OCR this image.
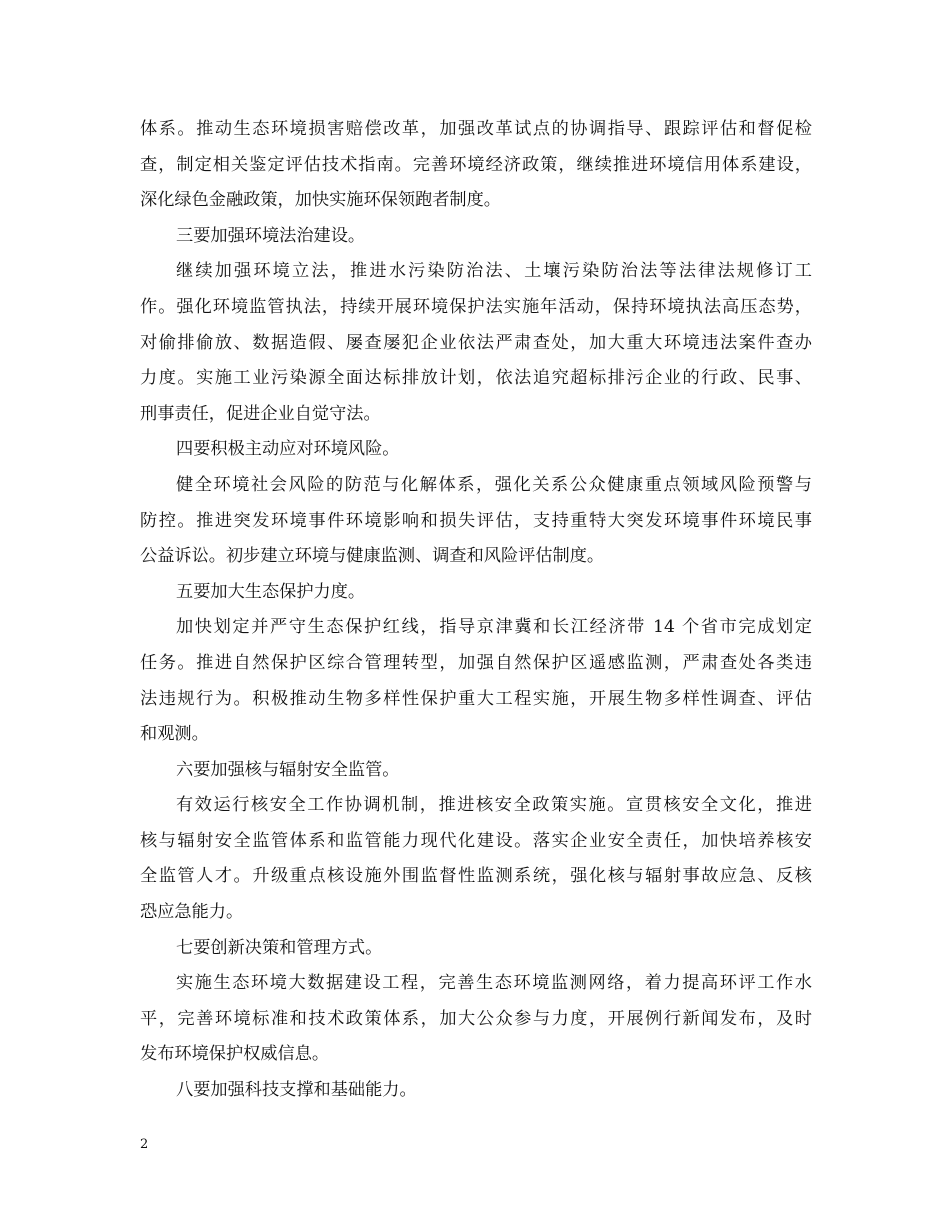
体系。推动生态环境损害赔偿改革，加强改革试点的协调指导、跟踪评估和督促检
查，制定相关鉴定评估技术指南。完善环境经济政策，继续推进环境信用体系建设，
深化绿色金融政策，加快实施环保领跑者制度。
三要加强环境法治建设。
继续加强环境立法，推进水污染防治法、土壤污染防治法等法律法规修订工
作。强化环境监管执法，持续开展环境保护法实施年活动，保持环境执法高压态势，
对偷排偷放、数据造假、屡查屡犯企业依法严肃查处，加大重大环境违法案件查办
力度。实施工业污染源全面达标排放计划，依法追究超标排污企业的行政、民事、
刑事责任，促进企业自觉守法。
四要积极主动应对环境风险。
健全环境社会风险的防范与化解体系，强化关系公众健康重点领域风险预警与
防控。推进突发环境事件环境影响和损失评估，支持重特大突发环境事件环境民事
公益诉讼。初步建立环境与健康监测、调查和风险评估制度。
五要加大生态保护力度。
加快划定并严守生态保护红线，指导京津冀和长江经济带 14 个省市完成划定
任务。推进自然保护区综合管理转型，加强自然保护区遥感监测，严肃查处各类违
法违规行为。积极推动生物多样性保护重大工程实施，开展生物多样性调查、评估
和观测。
六要加强核与辐射安全监管。
有效运行核安全工作协调机制，推进核安全政策实施。宣贯核安全文化，推进
核与辐射安全监管体系和监管能力现代化建设。落实企业安全责任，加快培养核安
全监管人才。升级重点核设施外围监督性监测系统，强化核与辐射事故应急、反核
恐应急能力。
七要创新决策和管理方式。
实施生态环境大数据建设工程，完善生态环境监测网络，着力提高环评工作水
平，完善环境标准和技术政策体系，加大公众参与力度，开展例行新闻发布，及时
发布环境保护权威信息。
八要加强科技支撑和基础能力。
2
